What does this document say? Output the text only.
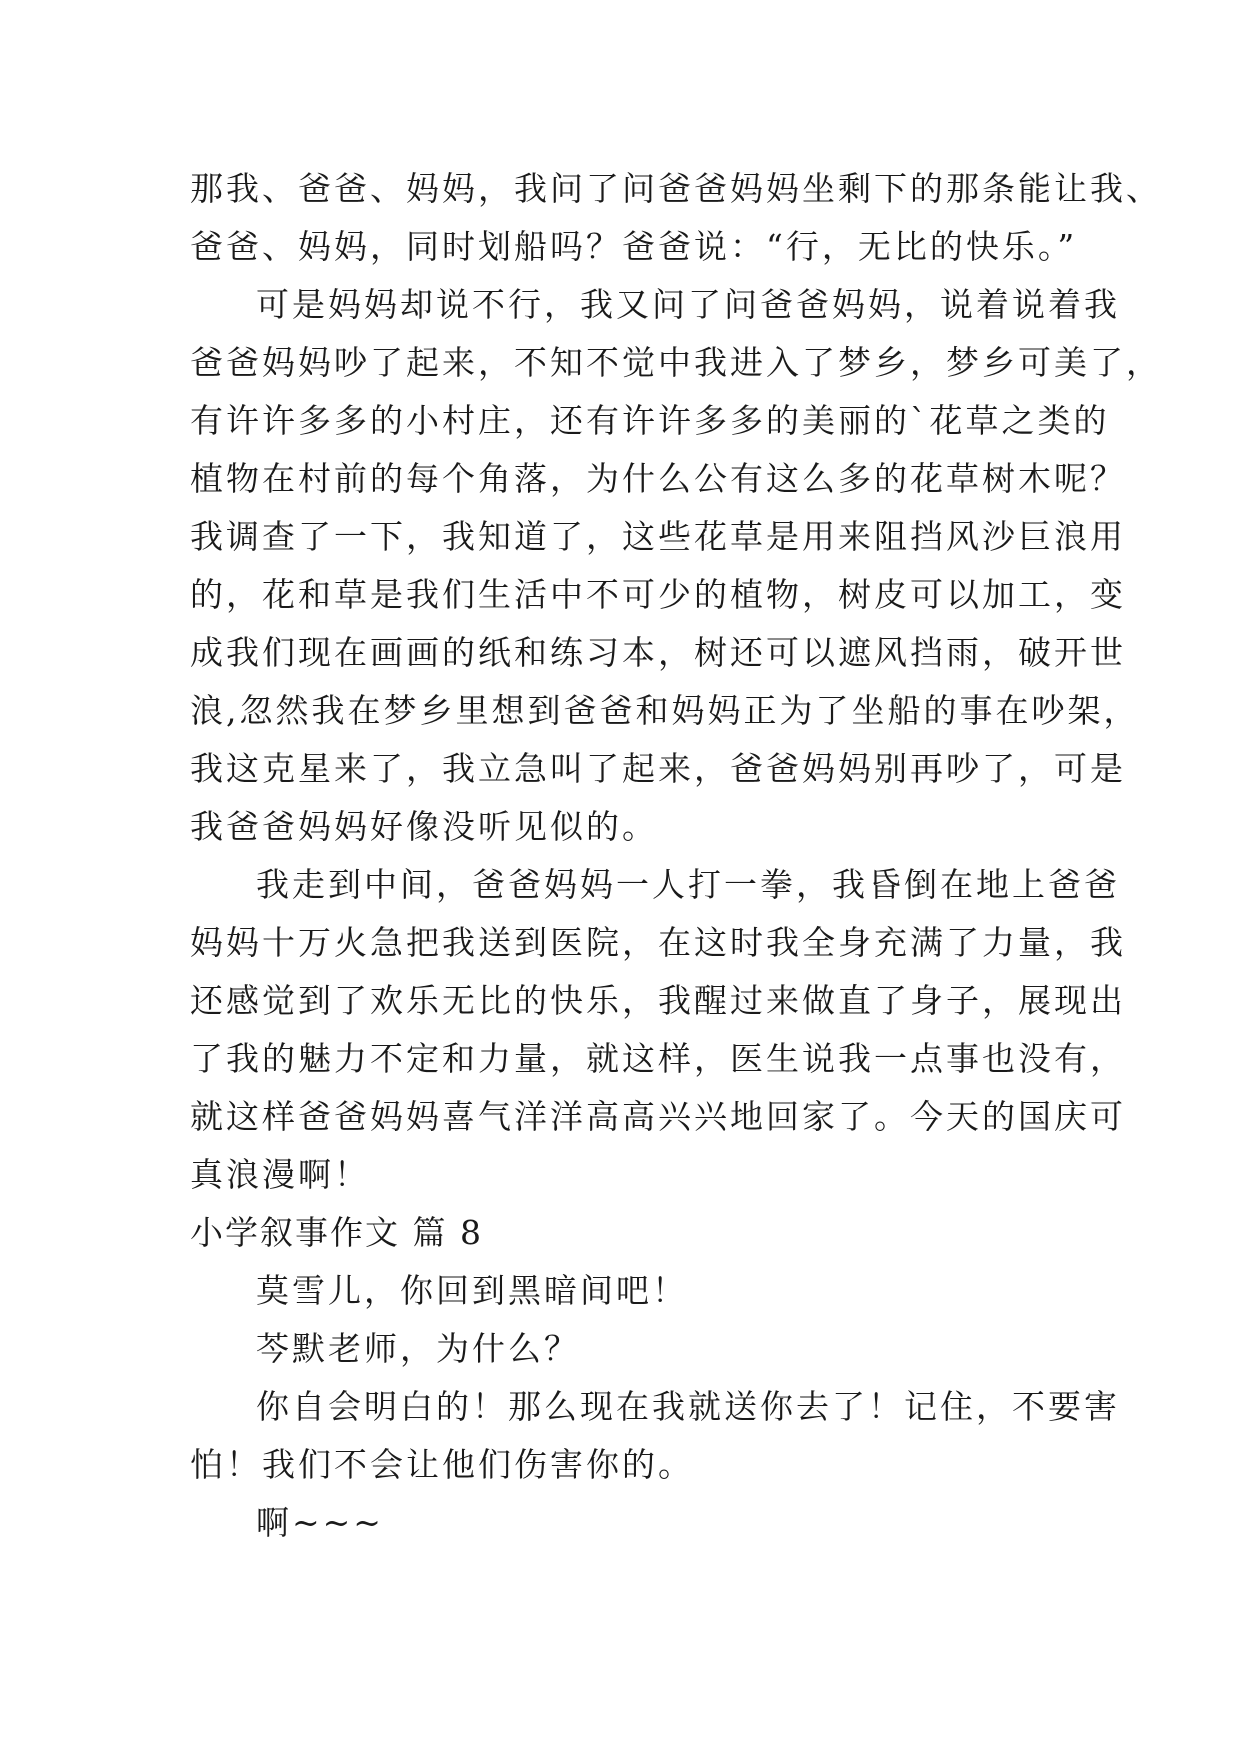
那我、爸爸、妈妈，我问了问爸爸妈妈坐剩下的那条能让我、
爸爸、妈妈，同时划船吗？爸爸说：“行，无比的快乐。”
可是妈妈却说不行，我又问了问爸爸妈妈，说着说着我
爸爸妈妈吵了起来，不知不觉中我进入了梦乡，梦乡可美了，
有许许多多的小村庄，还有许许多多的美丽的`花草之类的
植物在村前的每个角落，为什么公有这么多的花草树木呢？
我调查了一下，我知道了，这些花草是用来阻挡风沙巨浪用
的，花和草是我们生活中不可少的植物，树皮可以加工，变
成我们现在画画的纸和练习本，树还可以遮风挡雨，破开世
浪,忽然我在梦乡里想到爸爸和妈妈正为了坐船的事在吵架，
我这克星来了，我立急叫了起来，爸爸妈妈别再吵了，可是
我爸爸妈妈好像没听见似的。
我走到中间，爸爸妈妈一人打一拳，我昏倒在地上爸爸
妈妈十万火急把我送到医院，在这时我全身充满了力量，我
还感觉到了欢乐无比的快乐，我醒过来做直了身子，展现出
了我的魅力不定和力量，就这样，医生说我一点事也没有，
就这样爸爸妈妈喜气洋洋高高兴兴地回家了。今天的国庆可
真浪漫啊！
小学叙事作文 篇 8
莫雪儿，你回到黑暗间吧！
芩默老师，为什么？
你自会明白的！那么现在我就送你去了！记住，不要害
怕！我们不会让他们伤害你的。
啊~~~
